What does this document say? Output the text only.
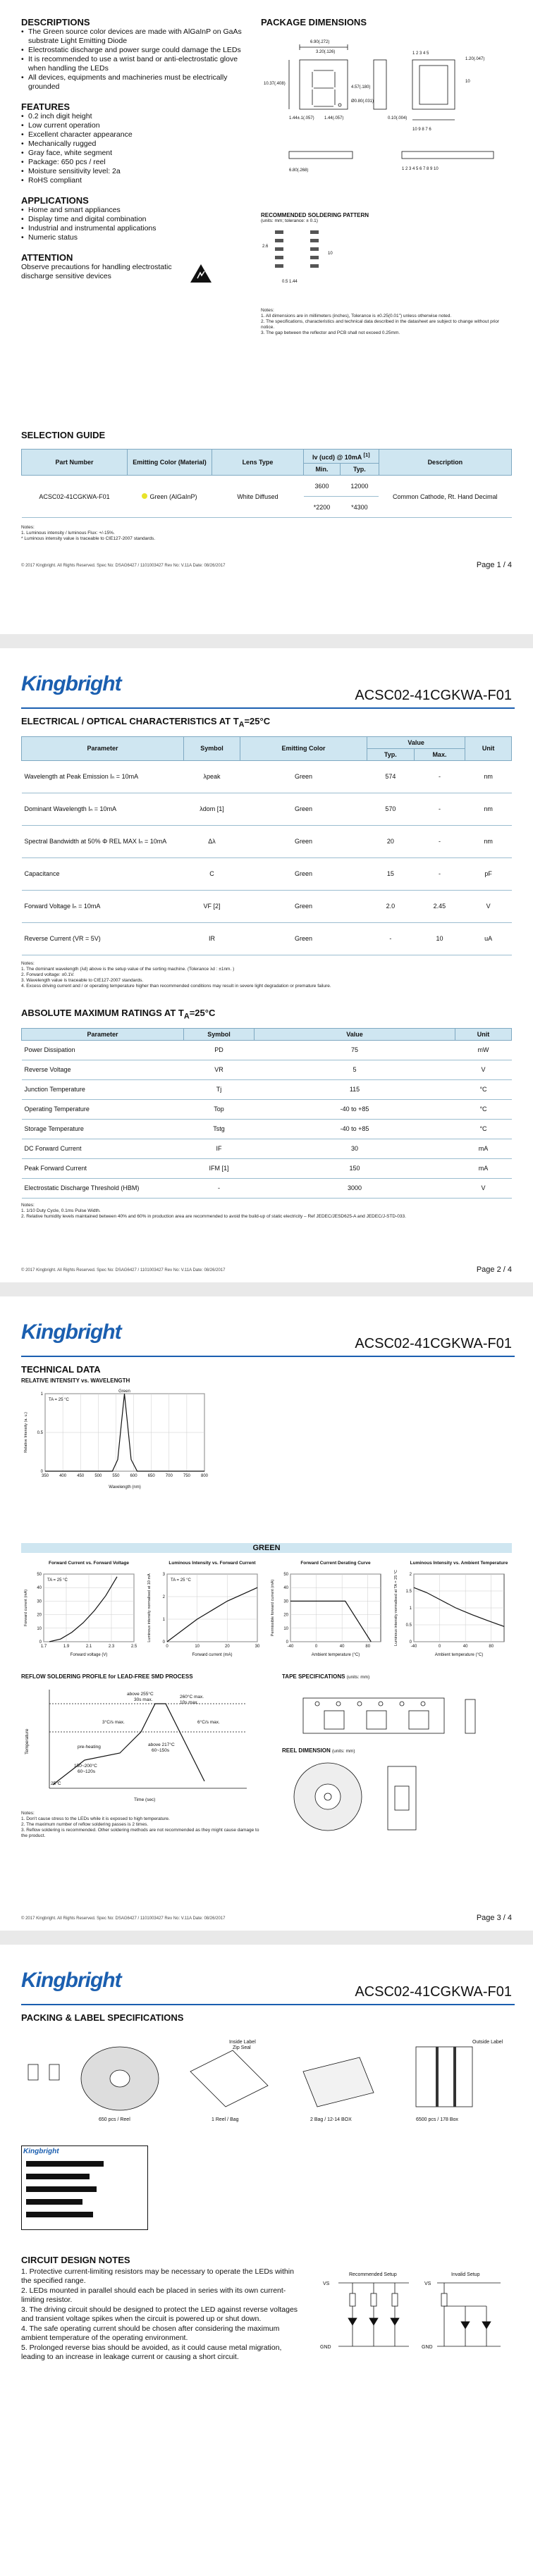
DESCRIPTIONS
• The Green source color devices are made with AlGaInP on GaAs substrate Light Emitting Diode
• Electrostatic discharge and power surge could damage the LEDs
• It is recommended to use a wrist band or anti-electrostatic glove when handling the LEDs
• All devices, equipments and machineries must be electrically grounded
FEATURES
• 0.2 inch digit height
• Low current operation
• Excellent character appearance
• Mechanically rugged
• Gray face, white segment
• Package: 650 pcs / reel
• Moisture sensitivity level: 2a
• RoHS compliant
APPLICATIONS
• Home and smart appliances
• Display time and digital combination
• Industrial and instrumental applications
• Numeric status
ATTENTION
Observe precautions for handling electrostatic discharge sensitive devices
PACKAGE DIMENSIONS
6.90(.272)
3.20(.126)
10.37(.408)
4.57(.180)
Ø0.80(.031)
1.44±.1(.057) 1.44(.057)	0.10(.004)
1 2 3 4 5
10 9 8 7 6
1.20(.047)
10
6.80(.268)	1 2 3 4 5 6 7 8 9 10
RECOMMENDED SOLDERING PATTERN
(units: mm; tolerance: ± 0.1)
2.6
10
0.5 1.44
Notes:
1. All dimensions are in millimeters (inches), Tolerance is ±0.25(0.01") unless otherwise noted.
2. The specifications, characteristics and technical data described in the datasheet are subject to change without prior notice.
3. The gap between the reflector and PCB shall not exceed 0.25mm.
SELECTION GUIDE
Part Number	Emitting Color (Material)	Lens Type	Iv (ucd) @ 10mA [1]		Description
			Min.	Typ.	
ACSC02-41CGKWA-F01	Green (AlGaInP)	White Diffused	3600	12000	Common Cathode, Rt. Hand Decimal
			*2200	*4300	
Notes:
1. Luminous intensity / luminous Flux: +/-15%.
* Luminous intensity value is traceable to CIE127-2007 standards.
© 2017 Kingbright. All Rights Reserved. Spec No: DSAG6427 / 1101003427 Rev No: V.11A Date: 08/26/2017	Page 1 / 4
Kingbright	ACSC02-41CGKWA-F01
ELECTRICAL / OPTICAL CHARACTERISTICS AT $T_A=25^\circ C$
Parameter	Symbol	Emitting Color	Value		Unit
			Typ.	Max.	
Wavelength at Peak Emission Iₙ = 10mA	λpeak	Green	574	-	nm
Dominant Wavelength Iₙ = 10mA	λdom [1]	Green	570	-	nm
Spectral Bandwidth at 50% Φ REL MAX Iₙ = 10mA	Δλ	Green	20	-	nm
Capacitance	C	Green	15	-	pF
Forward Voltage Iₙ = 10mA	VF [2]	Green	2.0	2.45	V
Reverse Current (VR = 5V)	IR	Green	-	10	uA
Notes:
1. The dominant wavelength (λd) above is the setup value of the sorting machine. (Tolerance λd : ±1nm. )
2. Forward voltage: ±0.1V.
3. Wavelength value is traceable to CIE127-2007 standards.
4. Excess driving current and / or operating temperature higher than recommended conditions may result in severe light degradation or premature failure.
ABSOLUTE MAXIMUM RATINGS AT $T_A=25^\circ C$
Parameter	Symbol	Value	Unit
Power Dissipation	PD	75	mW
Reverse Voltage	VR	5	V
Junction Temperature	Tj	115	°C
Operating Temperature	Top	-40 to +85	°C
Storage Temperature	Tstg	-40 to +85	°C
DC Forward Current	IF	30	mA
Peak Forward Current	IFM [1]	150	mA
Electrostatic Discharge Threshold (HBM)	-	3000	V
Notes:
1. 1/10 Duty Cycle, 0.1ms Pulse Width.
2. Relative humidity levels maintained between 40% and 60% in production area are recommended to avoid the build-up of static electricity – Ref JEDEC/JESD625-A and JEDEC/J-STD-033.
© 2017 Kingbright. All Rights Reserved. Spec No: DSAG6427 / 1101003427 Rev No: V.11A Date: 08/26/2017	Page 2 / 4
Kingbright	ACSC02-41CGKWA-F01
TECHNICAL DATA
RELATIVE INTENSITY vs. WAVELENGTH
350	400	450	500	550	600	650	700	750	800
0
0.5
1
Wavelength (nm)
Relative Intensity (a. u.)
TA = 25 °C
Green
GREEN
1.7	1.9	2.1	2.3	2.5
0
10
20
30
40
50
Forward voltage (V)
Forward current (mA)
Forward Current vs. Forward Voltage
TA = 25 °C
0	10	20	30
0
1
2
3
Forward current (mA)
Luminous intensity normalised at 10 mA
Luminous Intensity vs. Forward Current
TA = 25 °C
-40	0	40	80
0
10
20
30
40
50
Ambient temperature (°C)
Permissible forward current (mA)
Forward Current Derating Curve
-40	0	40	80
0
0.5
1
1.5
2
Ambient temperature (°C)
Luminous intensity normalised at TA = 25 °C
Luminous Intensity vs. Ambient Temperature
REFLOW SOLDERING PROFILE for LEAD-FREE SMD PROCESS
above 255°C
30s max.
260°C max.
10s max.
3°C/s max.	6°C/s max.
pre-heating
150~200°C
60~120s
above 217°C
60~150s
25°C
Time (sec)
Temperature
Notes:
1. Don't cause stress to the LEDs while it is exposed to high temperature.
2. The maximum number of reflow soldering passes is 2 times.
3. Reflow soldering is recommended. Other soldering methods are not recommended as they might cause damage to the product.
TAPE SPECIFICATIONS (units: mm)
REEL DIMENSION (units: mm)
© 2017 Kingbright. All Rights Reserved. Spec No: DSAG6427 / 1101003427 Rev No: V.11A Date: 08/26/2017	Page 3 / 4
Kingbright	ACSC02-41CGKWA-F01
PACKING & LABEL SPECIFICATIONS
650 pcs / Reel	1 Reel / Bag
Inside Label
Zip Seal
2 Bag / 12-14 BOX
Outside Label
6500 pcs / 178 Box
Kingbright
CIRCUIT DESIGN NOTES
1. Protective current-limiting resistors may be necessary to operate the LEDs within the specified range.
2. LEDs mounted in parallel should each be placed in series with its own current-limiting resistor.
3. The driving circuit should be designed to protect the LED against reverse voltages and transient voltage spikes when the circuit is powered up or shut down.
4. The safe operating current should be chosen after considering the maximum ambient temperature of the operating environment.
5. Prolonged reverse bias should be avoided, as it could cause metal migration, leading to an increase in leakage current or causing a short circuit.
Recommended Setup	Invalid Setup
VS
GND
VS
GND
